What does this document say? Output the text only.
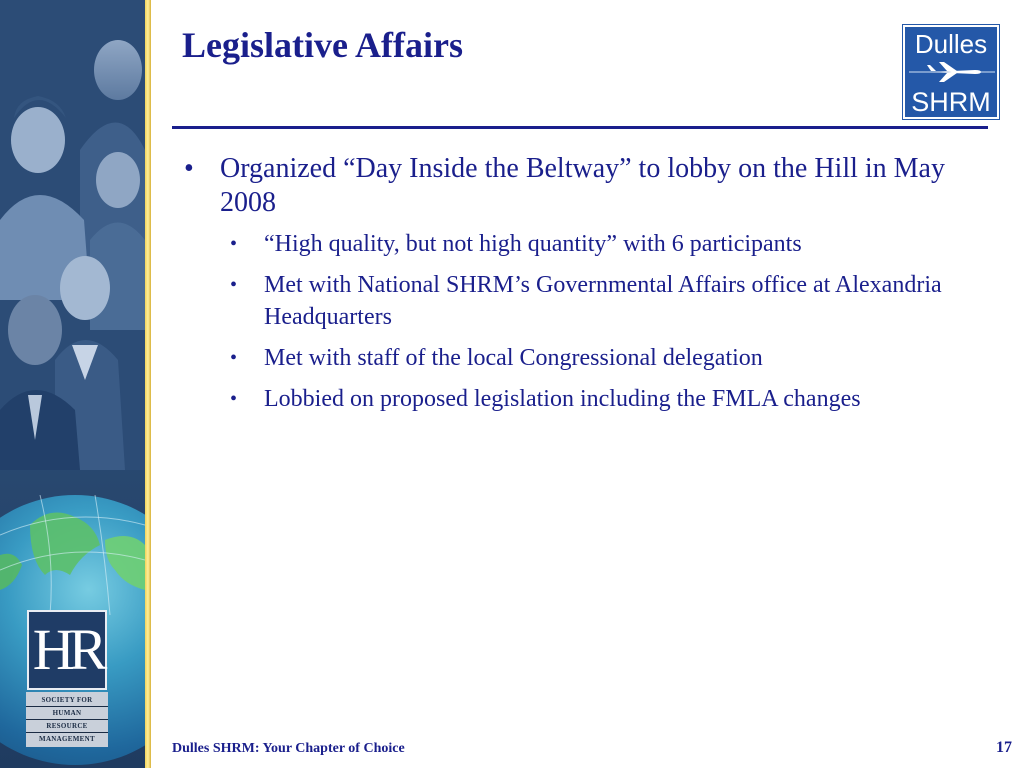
HR
SOCIETY FOR
HUMAN
RESOURCE
MANAGEMENT
Legislative Affairs	Dulles
SHRM
• Organized “Day Inside the Beltway” to lobby on the Hill in May 2008
• “High quality, but not high quantity” with 6 participants
• Met with National SHRM’s Governmental Affairs office at Alexandria Headquarters
• Met with staff of the local Congressional delegation
• Lobbied on proposed legislation including the FMLA changes
Dulles SHRM: Your Chapter of Choice	17
